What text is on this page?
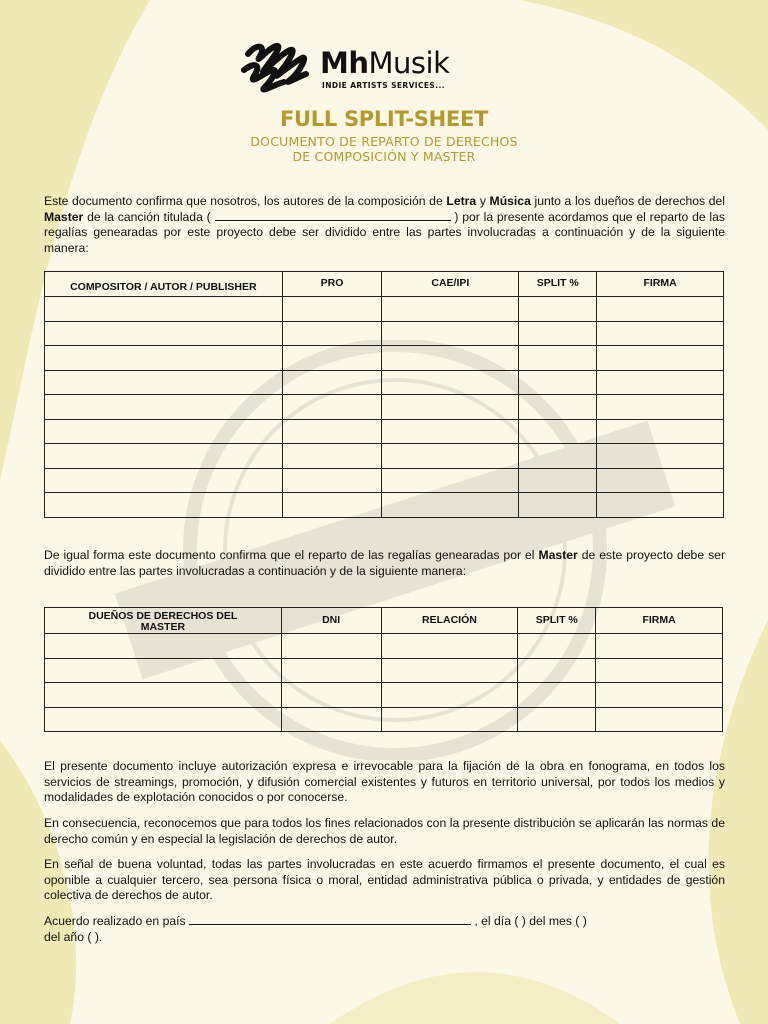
MhMusik
INDIE ARTISTS SERVICES...
FULL SPLIT-SHEET
DOCUMENTO DE REPARTO DE DERECHOS
DE COMPOSICIÓN Y MASTER
Este documento confirma que nosotros, los autores de la composición de Letra y Música junto a los dueños de derechos del Master de la canción titulada (	) por la presente acordamos que el reparto de las regalías genearadas por este proyecto debe ser dividido entre las partes involucradas a continuación y de la siguiente manera:
COMPOSITOR / AUTOR / PUBLISHER	PRO	CAE/IPI	SPLIT %	FIRMA

De igual forma este documento confirma que el reparto de las regalías genearadas por el Master de este proyecto debe ser dividido entre las partes involucradas a continuación y de la siguiente manera:
DUEÑOS DE DERECHOS DEL MASTER	DNI	RELACIÓN	SPLIT %	FIRMA

El presente documento incluye autorización expresa e irrevocable para la fijación de la obra en fonograma, en todos los servicios de streamings, promoción, y difusión comercial existentes y futuros en territorio universal, por todos los medios y modalidades de explotación conocidos o por conocerse.
En consecuencia, reconocemos que para todos los fines relacionados con la presente distribución se aplicarán las normas de derecho común y en especial la legislación de derechos de autor.
En señal de buena voluntad, todas las partes involucradas en este acuerdo firmamos el presente documento, el cual es oponible a cualquier tercero, sea persona física o moral, entidad administrativa pública o privada, y entidades de gestión colectiva de derechos de autor.
Acuerdo realizado en país	, el día ( ) del mes ( )
del año ( ).
